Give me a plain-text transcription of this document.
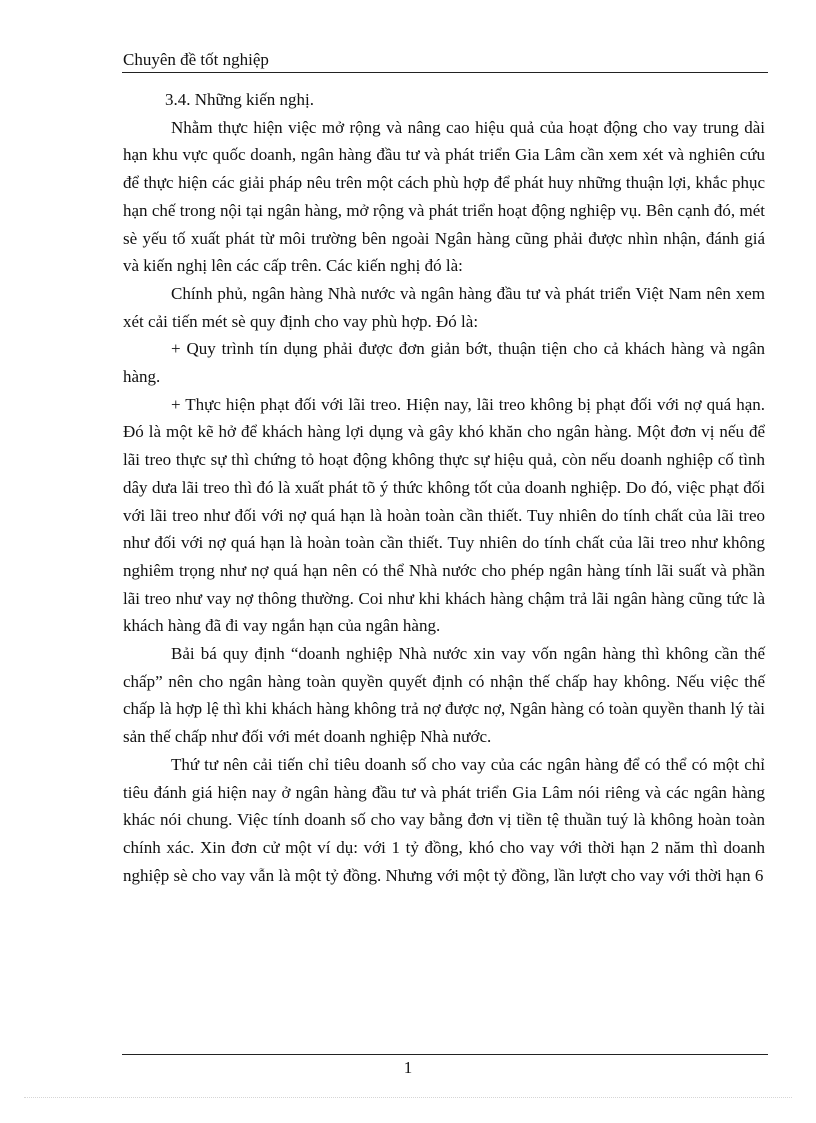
Chuyên đề tốt nghiệp

3.4. Những kiến nghị.

Nhằm thực hiện việc mở rộng và nâng cao hiệu quả của hoạt động cho vay trung dài hạn khu vực quốc doanh, ngân hàng đầu tư và phát triển Gia Lâm cần xem xét và nghiên cứu để thực hiện các giải pháp nêu trên một cách phù hợp để phát huy những thuận lợi, khắc phục hạn chế trong nội tại ngân hàng, mở rộng và phát triển hoạt động nghiệp vụ. Bên cạnh đó, mét sè yếu tố xuất phát từ môi trường bên ngoài Ngân hàng cũng phải được nhìn nhận, đánh giá và kiến nghị lên các cấp trên. Các kiến nghị đó là:

Chính phủ, ngân hàng Nhà nước và ngân hàng đầu tư và phát triển Việt Nam nên xem xét cải tiến mét sè quy định cho vay phù hợp. Đó là:

+ Quy trình tín dụng phải được đơn giản bớt, thuận tiện cho cả khách hàng và ngân hàng.

+ Thực hiện phạt đối với lãi treo. Hiện nay, lãi treo không bị phạt đối với nợ quá hạn. Đó là một kẽ hở để khách hàng lợi dụng và gây khó khăn cho ngân hàng. Một đơn vị nếu để lãi treo thực sự thì chứng tỏ hoạt động không thực sự hiệu quả, còn nếu doanh nghiệp cố tình dây dưa lãi treo thì đó là xuất phát tõ ý thức không tốt của doanh nghiệp. Do đó, việc phạt đối với lãi treo như đối với nợ quá hạn là hoàn toàn cần thiết. Tuy nhiên do tính chất của lãi treo như đối với nợ quá hạn là hoàn toàn cần thiết. Tuy nhiên do tính chất của lãi treo như không nghiêm trọng như nợ quá hạn nên có thể Nhà nước cho phép ngân hàng tính lãi suất và phần lãi treo như vay nợ thông thường. Coi như khi khách hàng chậm trả lãi ngân hàng cũng tức là khách hàng đã đi vay ngắn hạn của ngân hàng.

Bải bá quy định “doanh nghiệp Nhà nước xin vay vốn ngân hàng thì không cần thế chấp” nên cho ngân hàng toàn quyền quyết định có nhận thế chấp hay không. Nếu việc thế chấp là hợp lệ thì khi khách hàng không trả nợ được nợ, Ngân hàng có toàn quyền thanh lý tài sản thế chấp như đối với mét doanh nghiệp Nhà nước.

Thứ tư nên cải tiến chỉ tiêu doanh số cho vay của các ngân hàng để có thể có một chỉ tiêu đánh giá hiện nay ở ngân hàng đầu tư và phát triển Gia Lâm nói riêng và các ngân hàng khác nói chung. Việc tính doanh số cho vay bằng đơn vị tiền tệ thuần tuý là không hoàn toàn chính xác. Xin đơn cử một ví dụ: với 1 tỷ đồng, khó cho vay với thời hạn 2 năm thì doanh nghiệp sè cho vay vẫn là một tỷ đồng. Nhưng với một tỷ đồng, lần lượt cho vay với thời hạn 6

1
